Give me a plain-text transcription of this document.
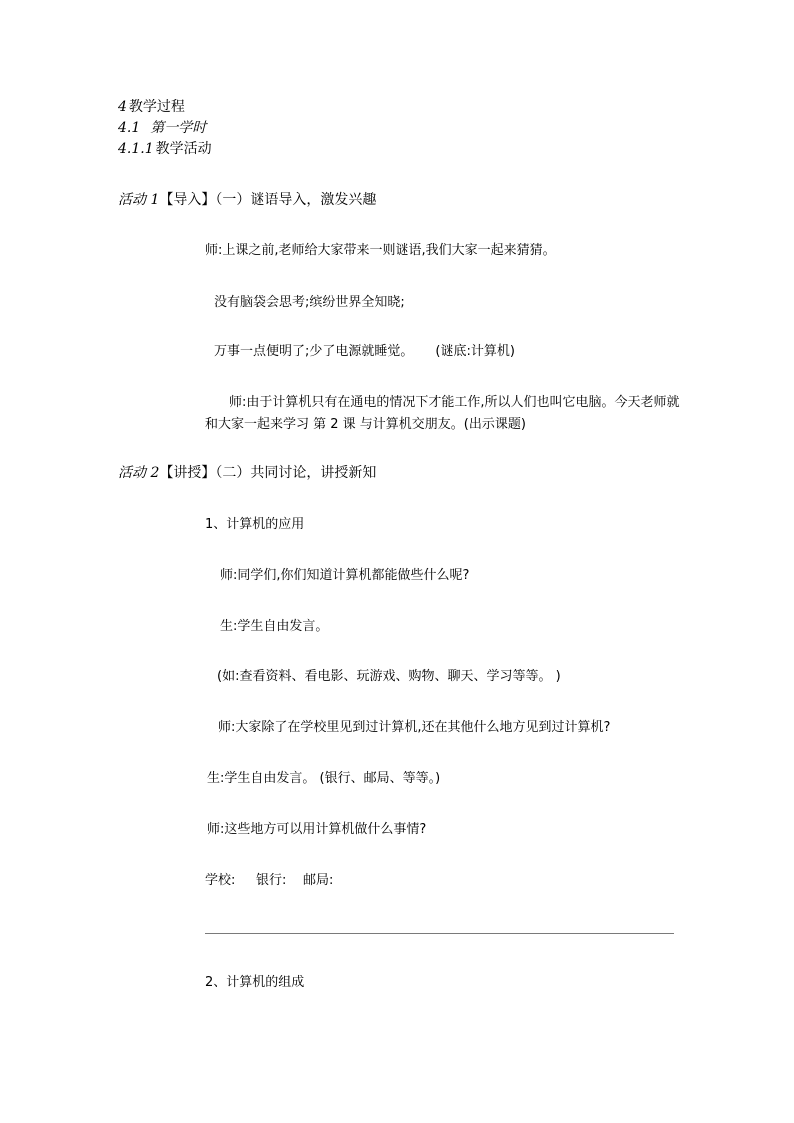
4 教学过程
4.1 第一学时
4.1.1 教学活动
活动 1【导入】（一）谜语导入，激发兴趣
师:上课之前,老师给大家带来一则谜语,我们大家一起来猜猜。
没有脑袋会思考;缤纷世界全知晓;
万事一点便明了;少了电源就睡觉。 (谜底:计算机)
师:由于计算机只有在通电的情况下才能工作,所以人们也叫它电脑。今天老师就和大家一起来学习 第 2 课 与计算机交朋友。(出示课题)
活动 2【讲授】（二）共同讨论，讲授新知
1、计算机的应用
师:同学们,你们知道计算机都能做些什么呢?
生:学生自由发言。
(如:查看资料、看电影、玩游戏、购物、聊天、学习等等。 )
师:大家除了在学校里见到过计算机,还在其他什么地方见到过计算机?
生:学生自由发言。 (银行、邮局、等等。)
师:这些地方可以用计算机做什么事情?
学校:     银行:    邮局:
2、计算机的组成
